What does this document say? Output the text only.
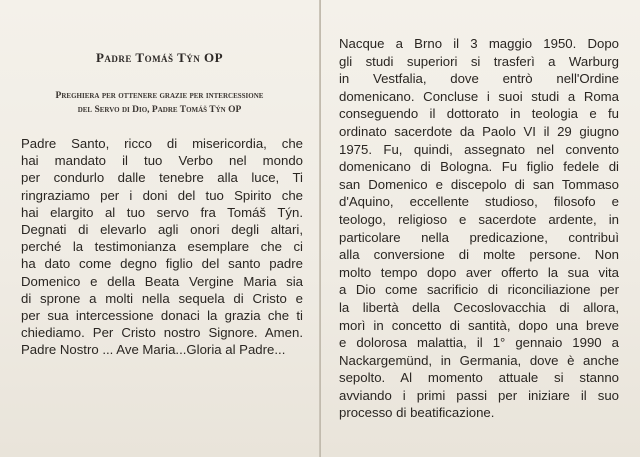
Padre Tomáš Týn OP
Preghiera per ottenere grazie per intercessione
del Servo di Dio, Padre Tomáš Týn OP
Padre Santo, ricco di misericordia, che
hai mandato il tuo Verbo nel mondo
per condurlo dalle tenebre alla luce, Ti
ringraziamo per i doni del tuo Spirito che
hai elargito al tuo servo fra Tomáš Týn.
Degnati di elevarlo agli onori degli altari,
perché la testimonianza esemplare che ci
ha dato come degno figlio del santo padre
Domenico e della Beata Vergine Maria sia
di sprone a molti nella sequela di Cristo e
per sua intercessione donaci la grazia che ti
chiediamo. Per Cristo nostro Signore. Amen.
Padre Nostro ... Ave Maria...Gloria al Padre...
Nacque a Brno il 3 maggio 1950. Dopo
gli studi superiori si trasferì a Warburg
in Vestfalia, dove entrò nell'Ordine
domenicano. Concluse i suoi studi a Roma
conseguendo il dottorato in teologia e fu
ordinato sacerdote da Paolo VI il 29 giugno
1975. Fu, quindi, assegnato nel convento
domenicano di Bologna. Fu figlio fedele di
san Domenico e discepolo di san Tommaso
d'Aquino, eccellente studioso, filosofo e
teologo, religioso e sacerdote ardente, in
particolare nella predicazione, contribuì
alla conversione di molte persone. Non
molto tempo dopo aver offerto la sua vita
a Dio come sacrificio di riconciliazione per
la libertà della Cecoslovacchia di allora,
morì in concetto di santità, dopo una breve
e dolorosa malattia, il 1° gennaio 1990 a
Nackargemünd, in Germania, dove è anche
sepolto. Al momento attuale si stanno
avviando i primi passi per iniziare il suo
processo di beatificazione.
